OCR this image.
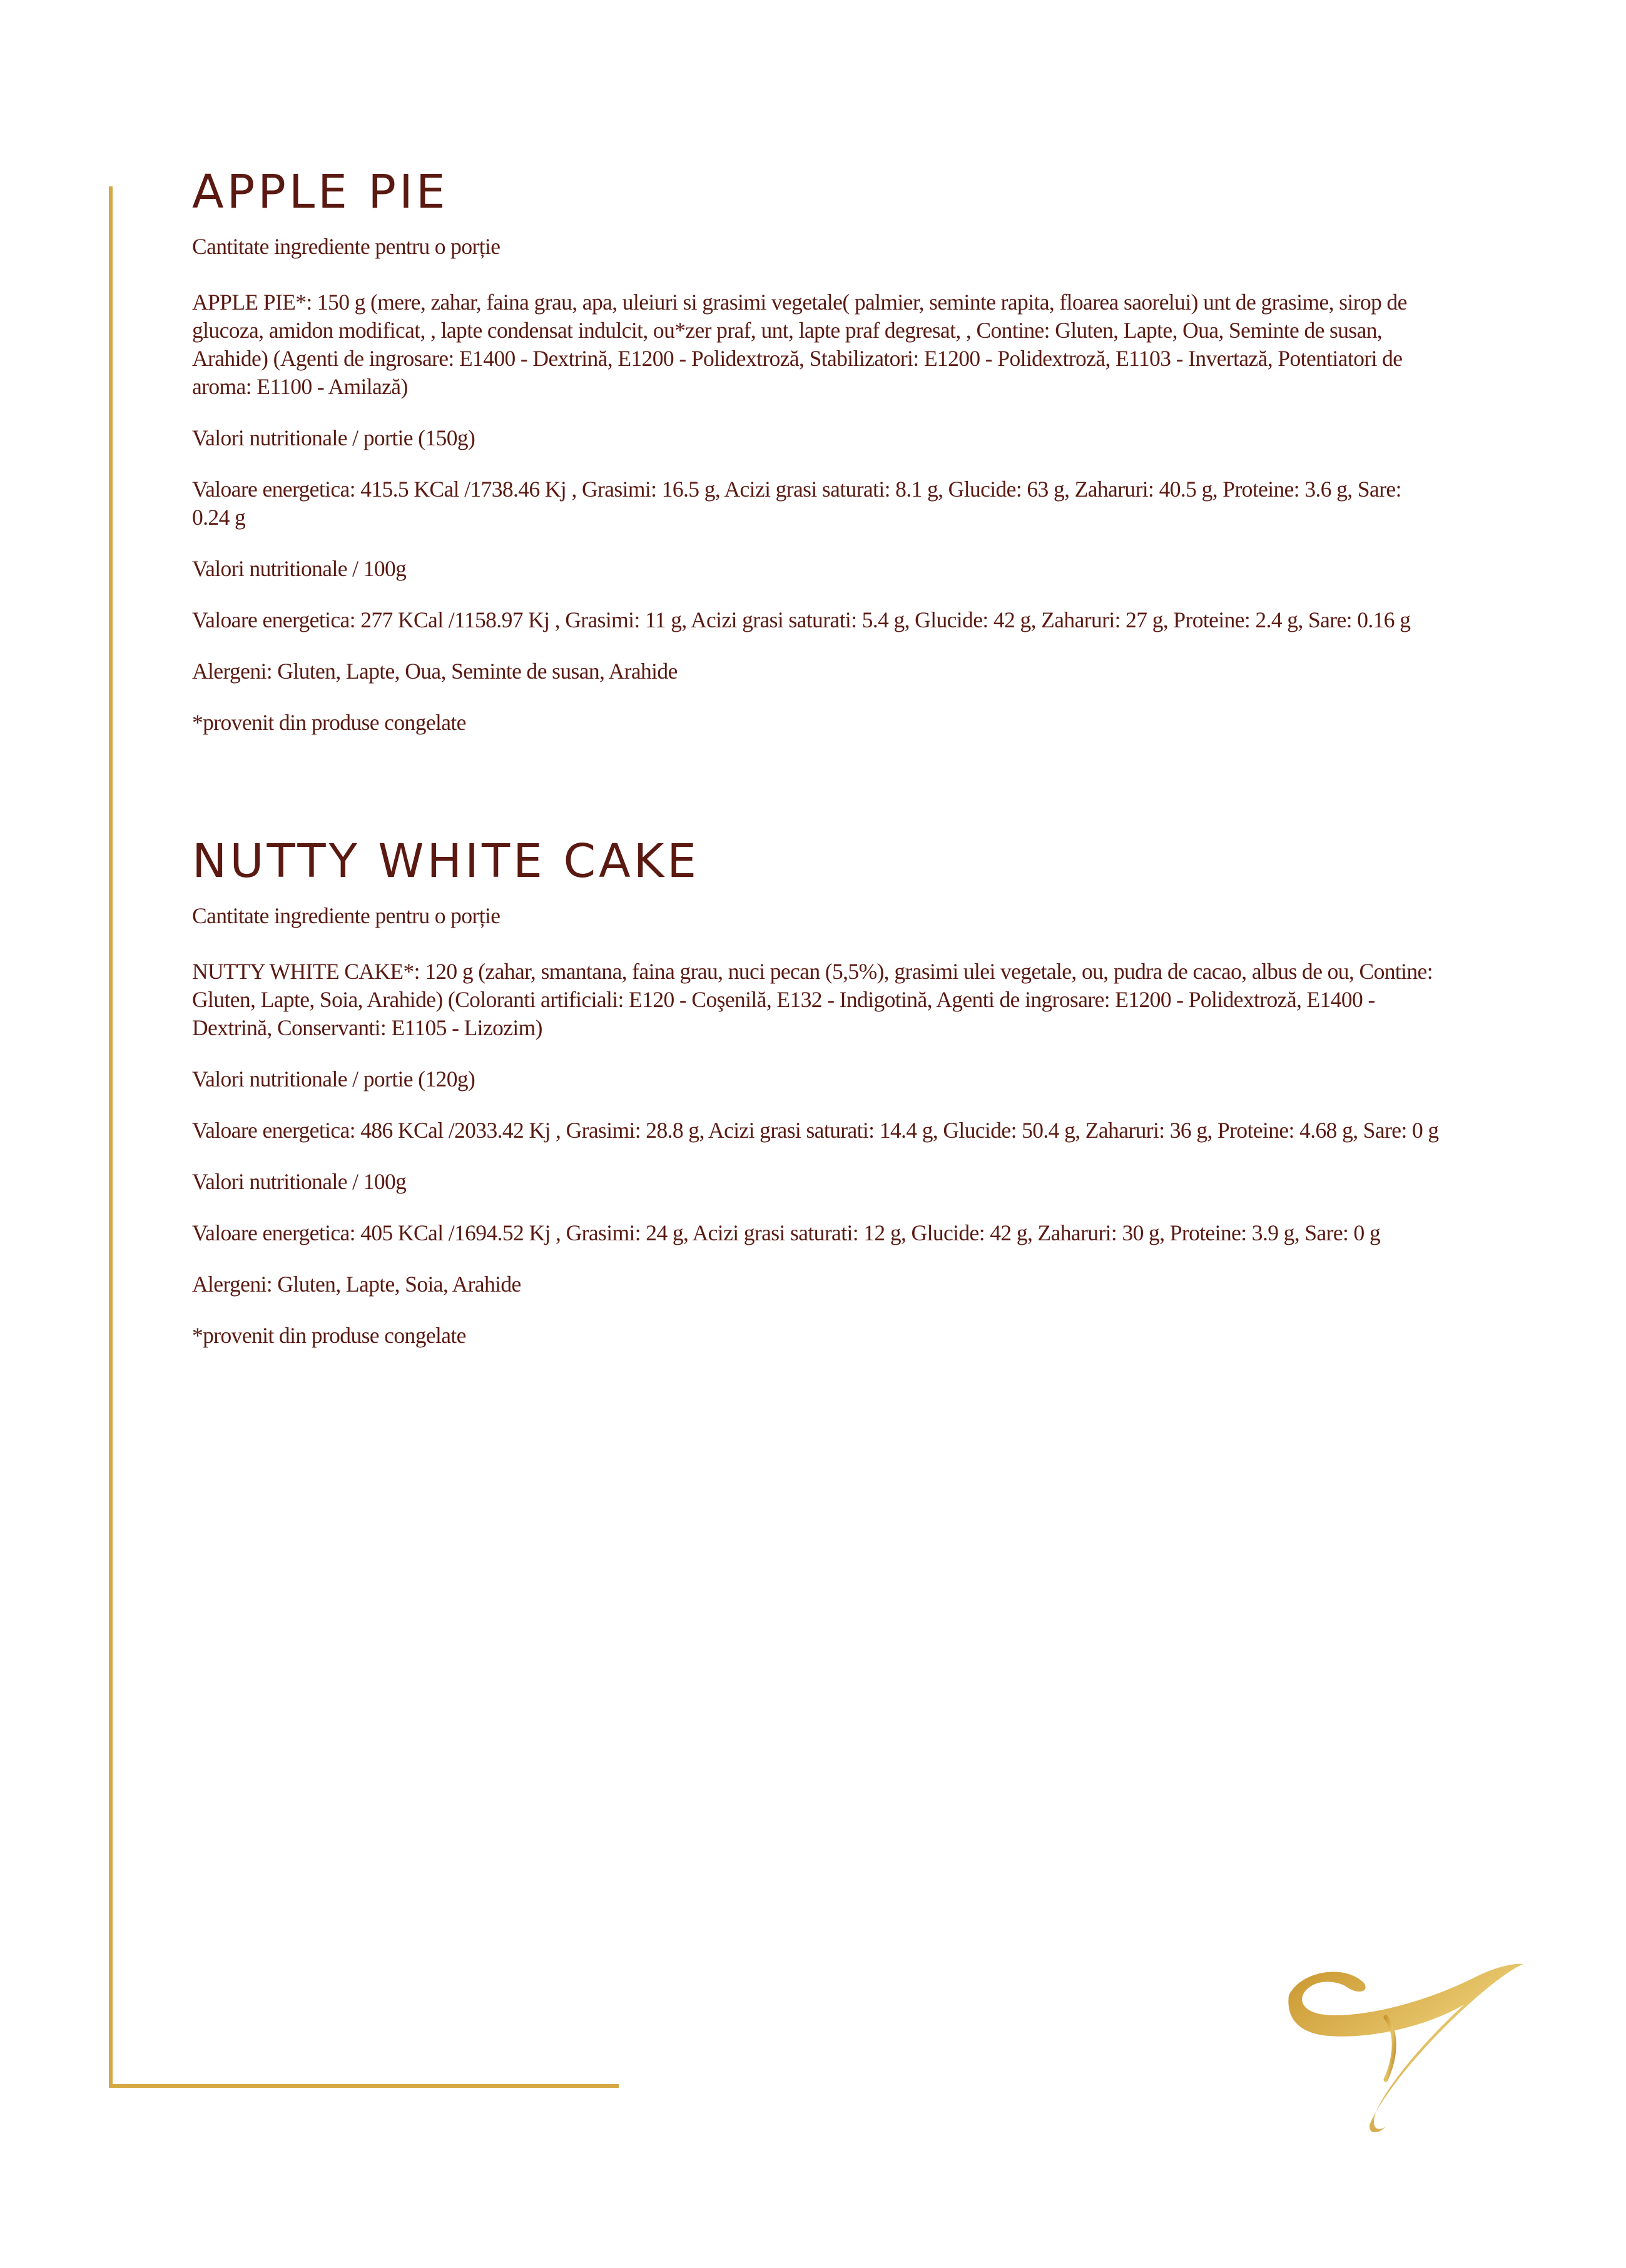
APPLE PIE

Cantitate ingrediente pentru o porție

APPLE PIE*: 150 g (mere, zahar, faina grau, apa, uleiuri si grasimi vegetale( palmier, seminte rapita, floarea saorelui) unt de grasime, sirop de glucoza, amidon modificat, , lapte condensat indulcit, ou*zer praf, unt, lapte praf degresat, , Contine: Gluten, Lapte, Oua, Seminte de susan, Arahide) (Agenti de ingrosare: E1400 - Dextrină, E1200 - Polidextroză, Stabilizatori: E1200 - Polidextroză, E1103 - Invertază, Potentiatori de aroma: E1100 - Amilază)

Valori nutritionale / portie (150g)

Valoare energetica: 415.5 KCal /1738.46 Kj , Grasimi: 16.5 g, Acizi grasi saturati: 8.1 g, Glucide: 63 g, Zaharuri: 40.5 g, Proteine: 3.6 g, Sare: 0.24 g

Valori nutritionale / 100g

Valoare energetica: 277 KCal /1158.97 Kj , Grasimi: 11 g, Acizi grasi saturati: 5.4 g, Glucide: 42 g, Zaharuri: 27 g, Proteine: 2.4 g, Sare: 0.16 g

Alergeni: Gluten, Lapte, Oua, Seminte de susan, Arahide

*provenit din produse congelate

NUTTY WHITE CAKE

Cantitate ingrediente pentru o porție

NUTTY WHITE CAKE*: 120 g (zahar, smantana, faina grau, nuci pecan (5,5%), grasimi ulei vegetale, ou, pudra de cacao, albus de ou, Contine: Gluten, Lapte, Soia, Arahide) (Coloranti artificiali: E120 - Coşenilă, E132 - Indigotină, Agenti de ingrosare: E1200 - Polidextroză, E1400 - Dextrină, Conservanti: E1105 - Lizozim)

Valori nutritionale / portie (120g)

Valoare energetica: 486 KCal /2033.42 Kj , Grasimi: 28.8 g, Acizi grasi saturati: 14.4 g, Glucide: 50.4 g, Zaharuri: 36 g, Proteine: 4.68 g, Sare: 0 g

Valori nutritionale / 100g

Valoare energetica: 405 KCal /1694.52 Kj , Grasimi: 24 g, Acizi grasi saturati: 12 g, Glucide: 42 g, Zaharuri: 30 g, Proteine: 3.9 g, Sare: 0 g

Alergeni: Gluten, Lapte, Soia, Arahide

*provenit din produse congelate
